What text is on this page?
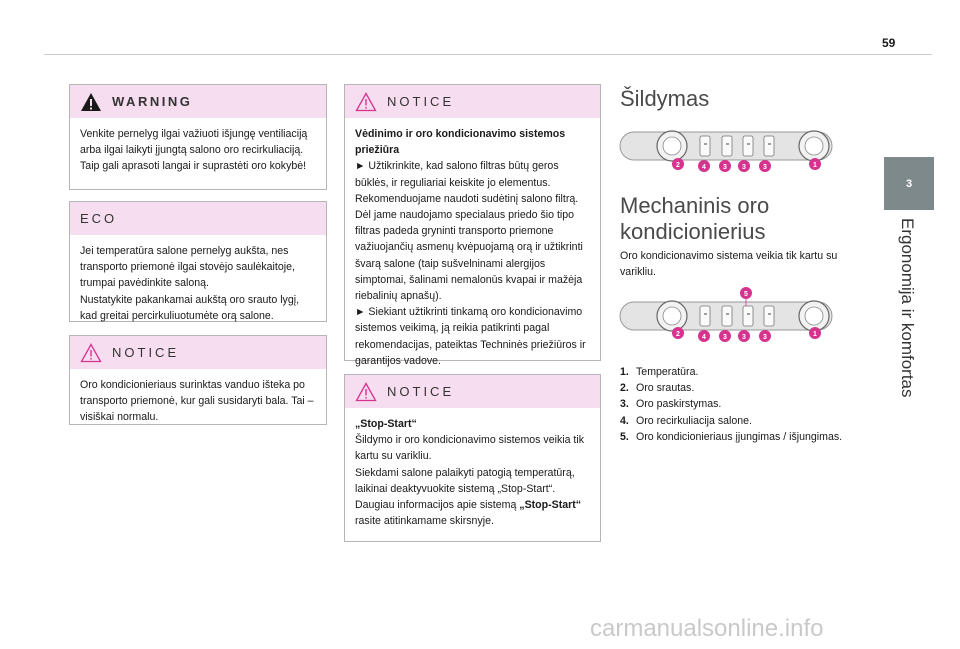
59
3
Ergonomija ir komfortas
WARNING

Venkite pernelyg ilgai važiuoti išjungę ventiliaciją arba ilgai laikyti įjungtą salono oro recirkuliaciją. Taip gali aprasoti langai ir suprastėti oro kokybė!

ECO

Jei temperatūra salone pernelyg aukšta, nes transporto priemonė ilgai stovėjo saulėkaitoje, trumpai pavėdinkite saloną.

Nustatykite pakankamai aukštą oro srauto lygį, kad greitai percirkuliuotumėte orą salone.

NOTICE

Oro kondicionieriaus surinktas vanduo išteka po transporto priemonė, kur gali susidaryti bala. Tai – visiškai normalu.

NOTICE

Vėdinimo ir oro kondicionavimo sistemos priežiūra

► Užtikrinkite, kad salono filtras būtų geros būklės, ir reguliariai keiskite jo elementus.

Rekomenduojame naudoti sudėtinį salono filtrą. Dėl jame naudojamo specialaus priedo šio tipo filtras padeda gryninti transporto priemone važiuojančių asmenų kvėpuojamą orą ir užtikrinti švarą salone (taip sušvelninami alergijos simptomai, šalinami nemalonūs kvapai ir mažėja riebalinių apnašų).

► Siekiant užtikrinti tinkamą oro kondicionavimo sistemos veikimą, ją reikia patikrinti pagal rekomendacijas, pateiktas Techninės priežiūros ir garantijos vadove.

NOTICE

„Stop-Start“

Šildymo ir oro kondicionavimo sistemos veikia tik kartu su varikliu.

Siekdami salone palaikyti patogią temperatūrą, laikinai deaktyvuokite sistemą „Stop-Start“.

Daugiau informacijos apie sistemą „Stop-Start“ rasite atitinkamame skirsnyje.

Šildymas
2	4 3 3 3	1
Mechaninis oro
kondicionierius

Oro kondicionavimo sistema veikia tik kartu su varikliu.

5
2	4 3 3 3	1
1. Temperatūra.
2. Oro srautas.
3. Oro paskirstymas.
4. Oro recirkuliacija salone.
5. Oro kondicionieriaus įjungimas / išjungimas.
carmanualsonline.info
